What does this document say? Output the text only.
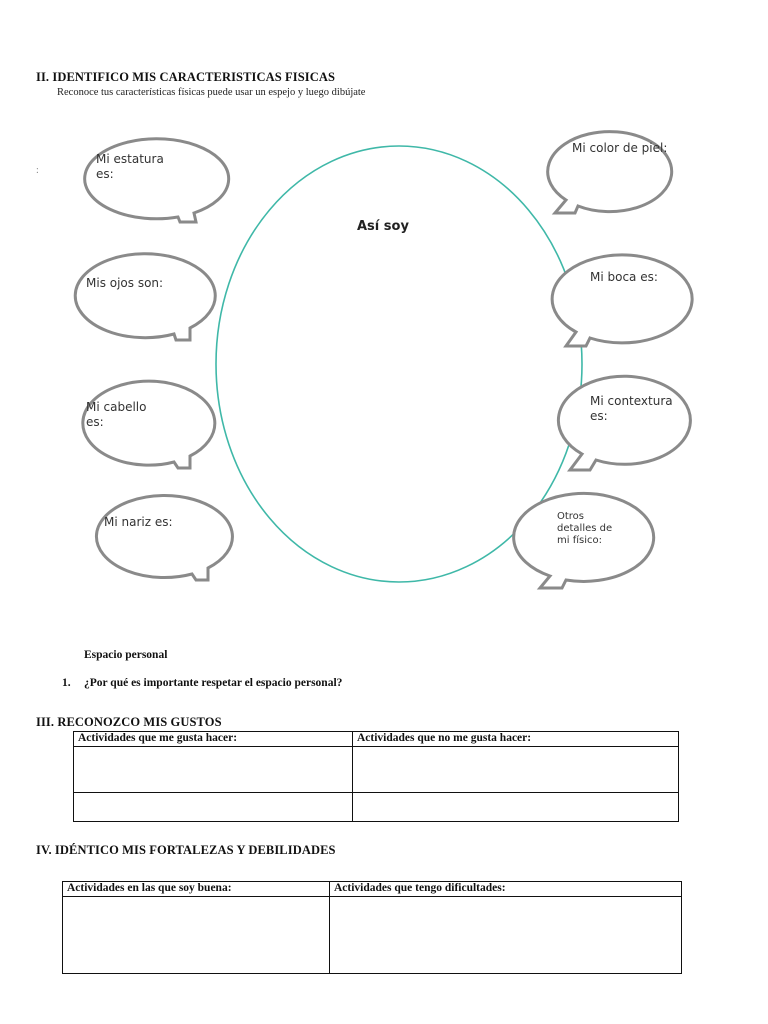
II. IDENTIFICO MIS CARACTERISTICAS FISICAS
Reconoce tus características físicas puede usar un espejo y luego dibújate
:
Así soy
Mi estatura es:
Mis ojos son:
Mi cabello es:
Mi nariz es:
Mi color de piel:
Mi boca es:
Mi contextura es:
Otros detalles de mi físico:
Espacio personal
1. ¿Por qué es importante respetar el espacio personal?
III. RECONOZCO MIS GUSTOS
Actividades que me gusta hacer:	Actividades que no me gusta hacer:

IV. IDÉNTICO MIS FORTALEZAS Y DEBILIDADES
Actividades en las que soy buena:	Actividades que tengo dificultades:
